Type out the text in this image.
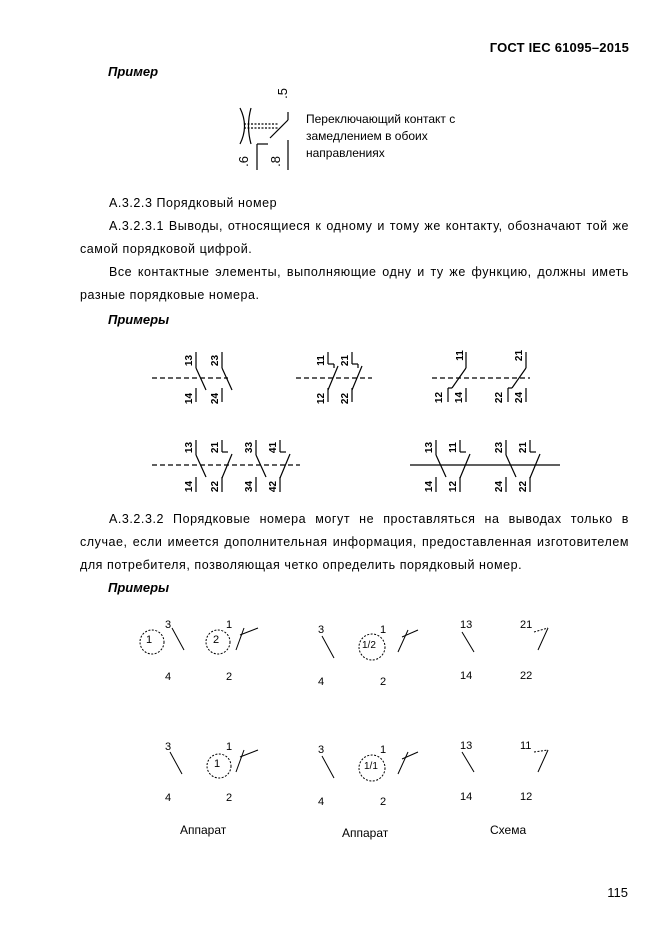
ГОСТ IEC 61095–2015
Пример
.5
.6 .8
Переключающий контакт с
замедлением в обоих
направлениях
А.3.2.3 Порядковый номер
А.3.2.3.1 Выводы, относящиеся к одному и тому же контакту, обозначают той же самой порядковой цифрой.
Все контактные элементы, выполняющие одну и ту же функцию, должны иметь разные порядковые номера.
Примеры
13
14
23
24
11
12
21
22
11
12 14
21
22 24
13
14
21
22
33
34
41
42
13
14
11
12
23
24
21
22
А.3.2.3.2 Порядковые номера могут не проставляться на выводах только в случае, если имеется дополнительная информация, предоставленная изготовителем для потребителя, позволяющая четко определить порядковый номер.
Примеры
1
3
4
2
1
2
3
4
1/2
1
2
13
14
21
22
3
4
1
1
2
3
4
1/1
1
2
13
14
11
12
Аппарат	Аппарат	Схема
115
